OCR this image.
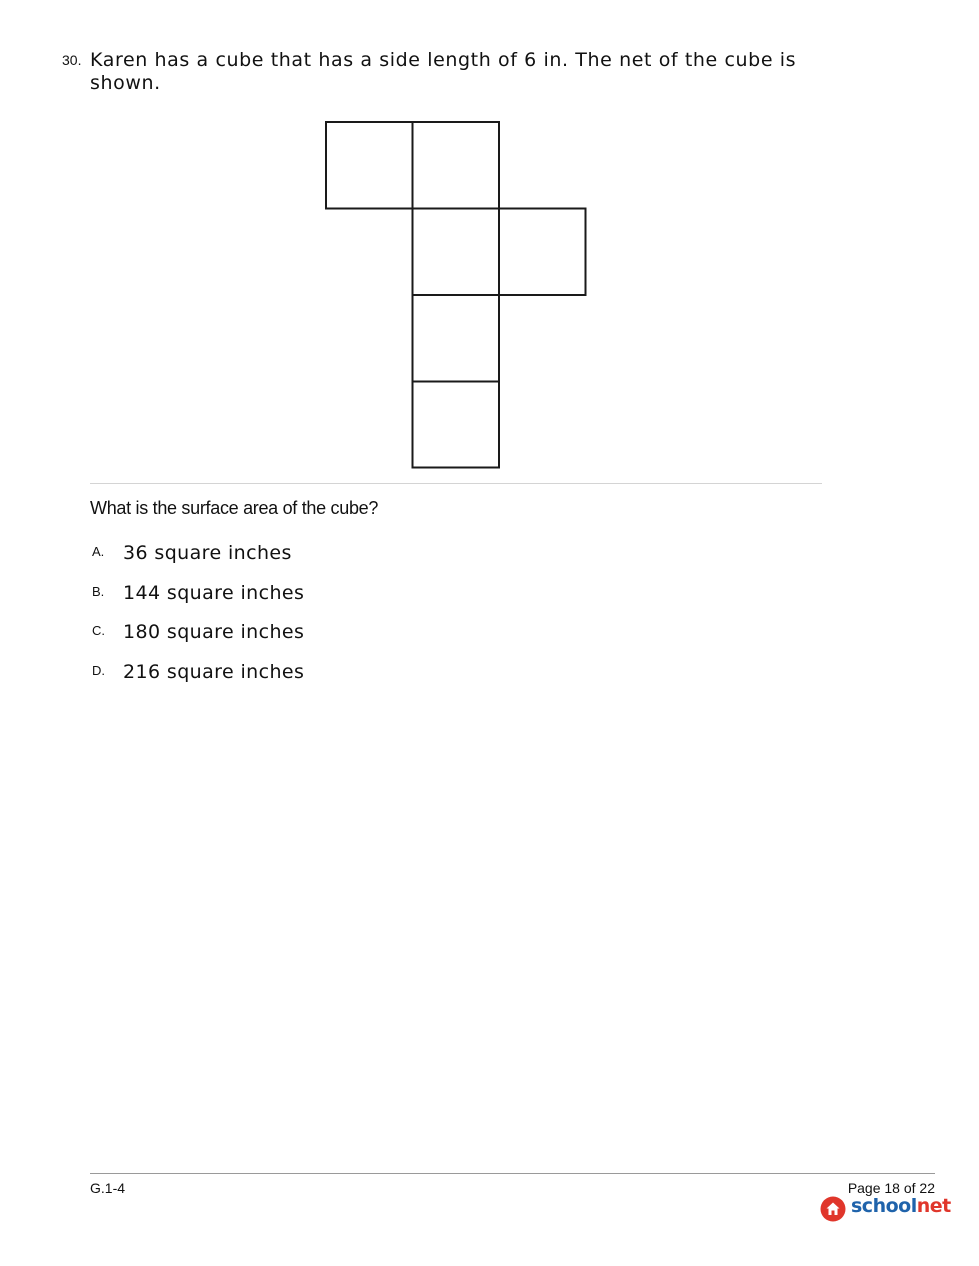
30. Karen has a cube that has a side length of 6 in. The net of the cube is shown.
What is the surface area of the cube?
A. 36 square inches
B. 144 square inches
C. 180 square inches
D. 216 square inches
G.1-4	Page 18 of 22
schoolnet
